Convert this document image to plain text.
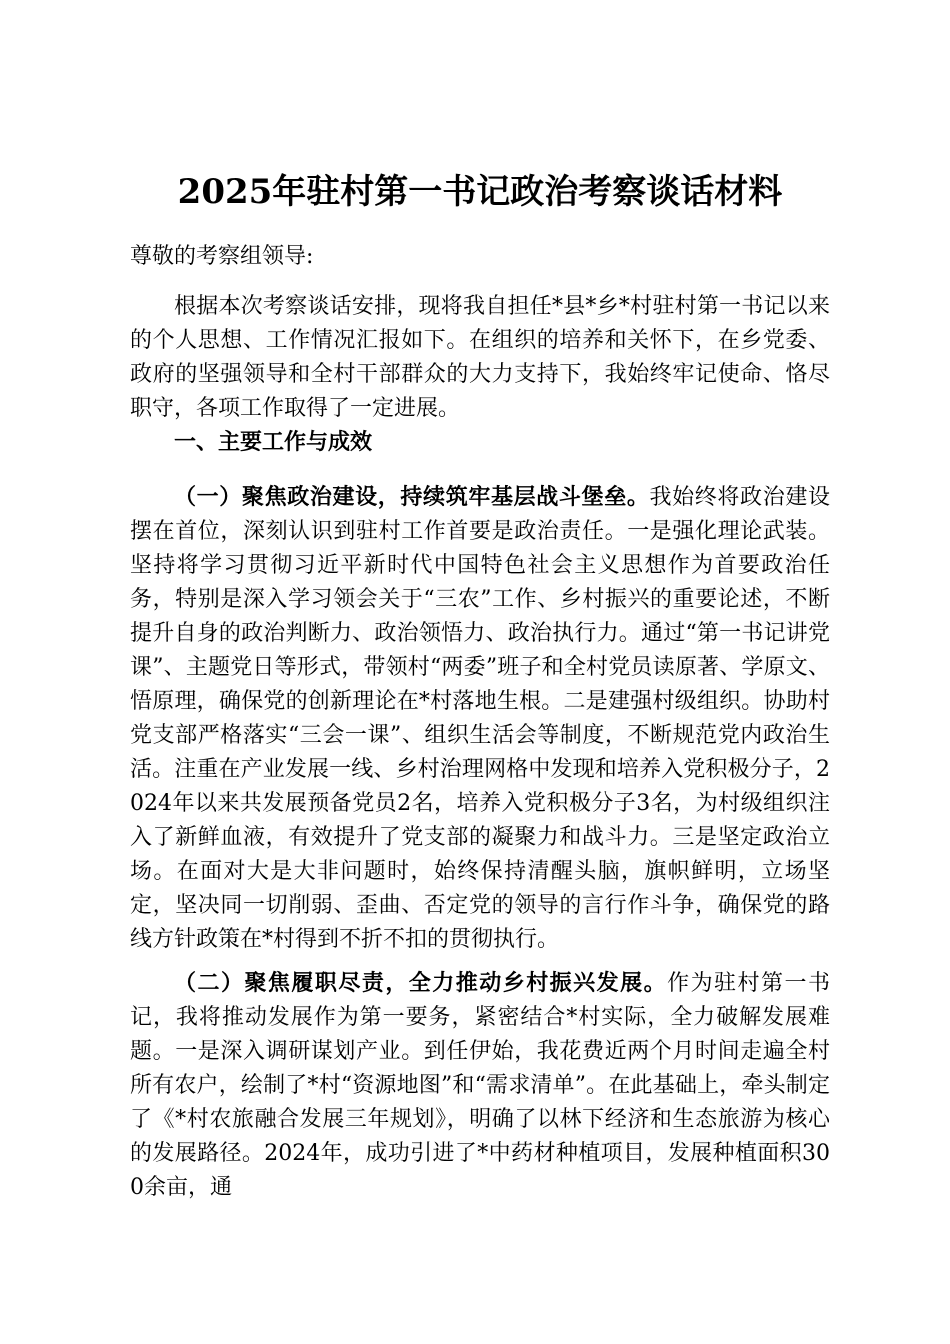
2025年驻村第一书记政治考察谈话材料
尊敬的考察组领导:
根据本次考察谈话安排，现将我自担任*县*乡*村驻村第一书记以来的个人思想、工作情况汇报如下。在组织的培养和关怀下，在乡党委、政府的坚强领导和全村干部群众的大力支持下，我始终牢记使命、恪尽职守，各项工作取得了一定进展。
一、主要工作与成效
（一）聚焦政治建设，持续筑牢基层战斗堡垒。我始终将政治建设摆在首位，深刻认识到驻村工作首要是政治责任。一是强化理论武装。坚持将学习贯彻习近平新时代中国特色社会主义思想作为首要政治任务，特别是深入学习领会关于“三农”工作、乡村振兴的重要论述，不断提升自身的政治判断力、政治领悟力、政治执行力。通过“第一书记讲党课”、主题党日等形式，带领村“两委”班子和全村党员读原著、学原文、悟原理，确保党的创新理论在*村落地生根。二是建强村级组织。协助村党支部严格落实“三会一课”、组织生活会等制度，不断规范党内政治生活。注重在产业发展一线、乡村治理网格中发现和培养入党积极分子，2024年以来共发展预备党员2名，培养入党积极分子3名，为村级组织注入了新鲜血液，有效提升了党支部的凝聚力和战斗力。三是坚定政治立场。在面对大是大非问题时，始终保持清醒头脑，旗帜鲜明，立场坚定，坚决同一切削弱、歪曲、否定党的领导的言行作斗争，确保党的路线方针政策在*村得到不折不扣的贯彻执行。
（二）聚焦履职尽责，全力推动乡村振兴发展。作为驻村第一书记，我将推动发展作为第一要务，紧密结合*村实际，全力破解发展难题。一是深入调研谋划产业。到任伊始，我花费近两个月时间走遍全村所有农户，绘制了*村“资源地图”和“需求清单”。在此基础上，牵头制定了《*村农旅融合发展三年规划》，明确了以林下经济和生态旅游为核心的发展路径。2024年，成功引进了*中药材种植项目，发展种植面积300余亩，通
